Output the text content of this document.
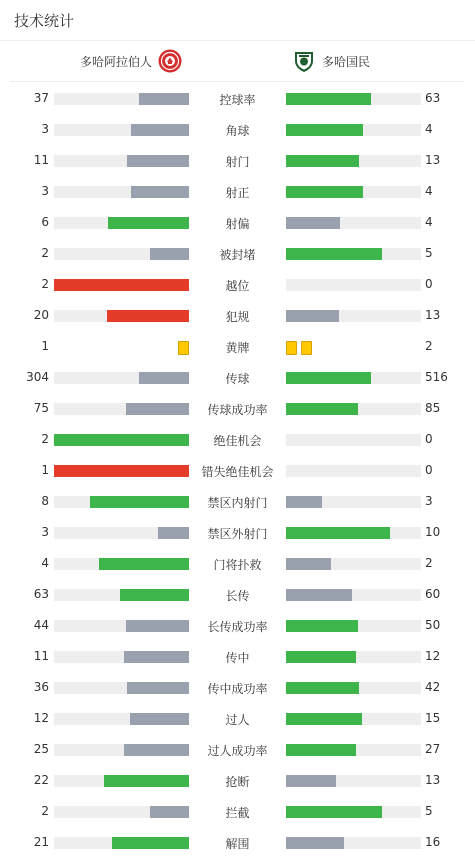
技术统计
多哈阿拉伯人	多哈国民
37	控球率	63
3	角球	4
11	射门	13
3	射正	4
6	射偏	4
2	被封堵	5
2	越位	0
20	犯规	13
1	黄牌	2
304	传球	516
75	传球成功率	85
2	绝佳机会	0
1	错失绝佳机会	0
8	禁区内射门	3
3	禁区外射门	10
4	门将扑救	2
63	长传	60
44	长传成功率	50
11	传中	12
36	传中成功率	42
12	过人	15
25	过人成功率	27
22	抢断	13
2	拦截	5
21	解围	16
